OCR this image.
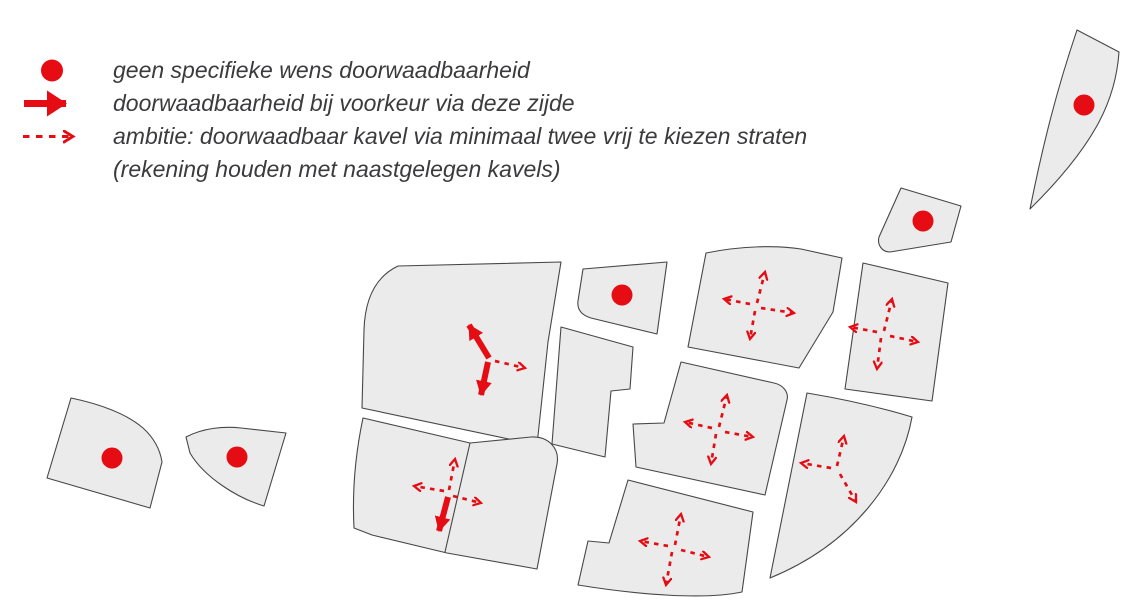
geen specifieke wens doorwaadbaarheid
doorwaadbaarheid bij voorkeur via deze zijde
ambitie: doorwaadbaar kavel via minimaal twee vrij te kiezen straten
(rekening houden met naastgelegen kavels)
